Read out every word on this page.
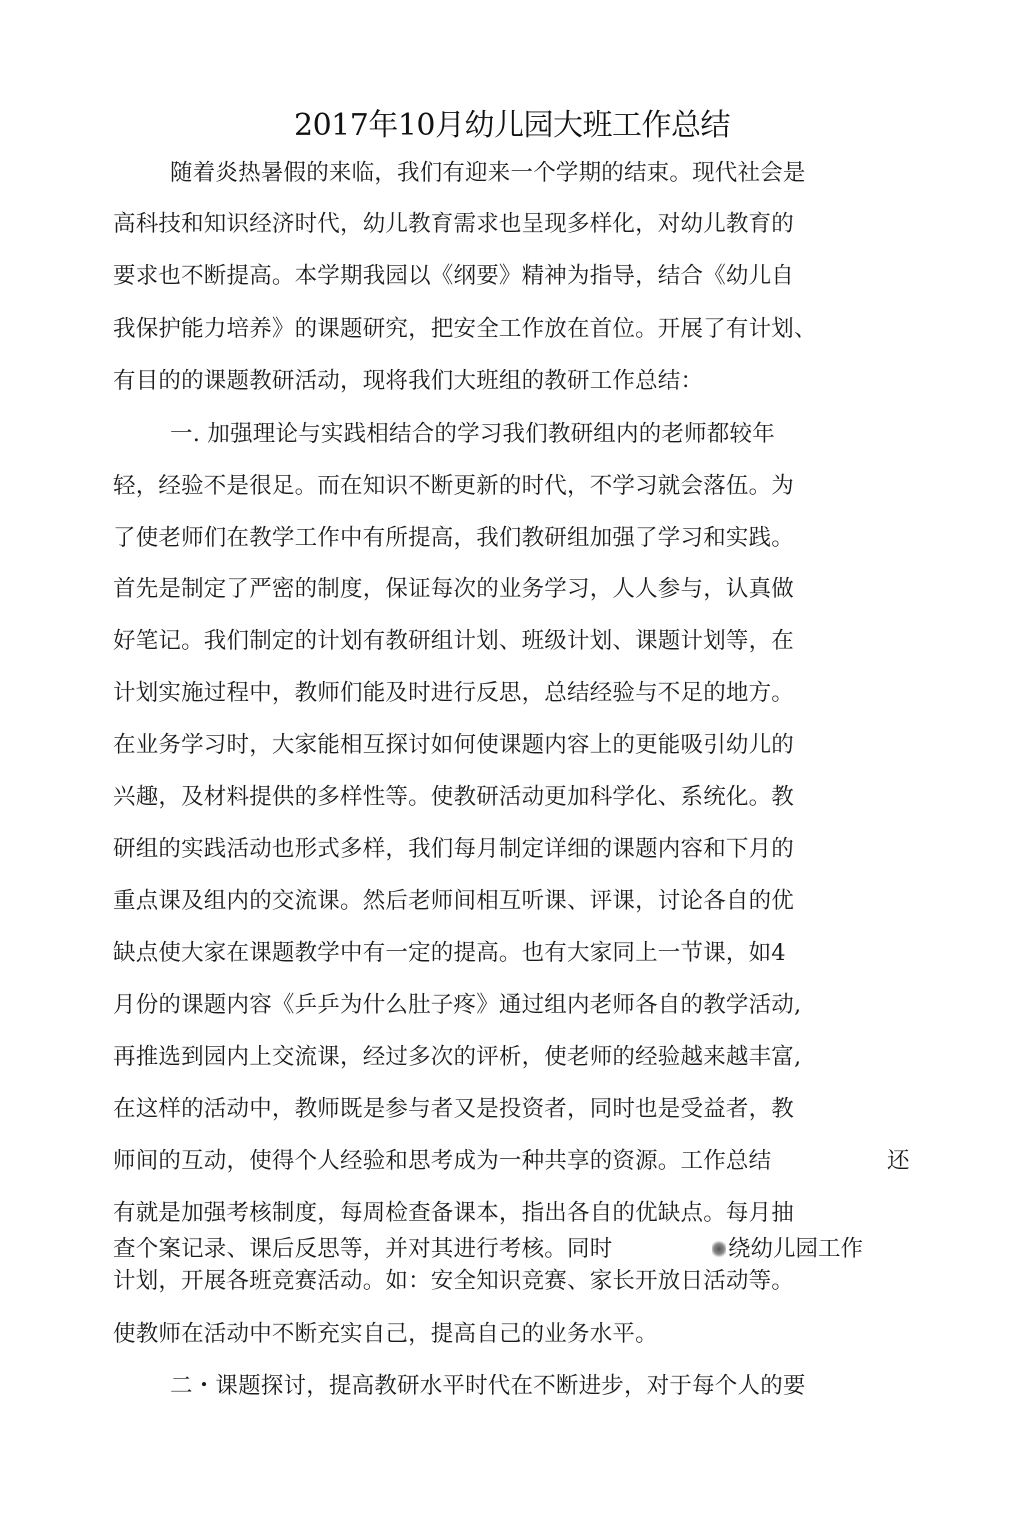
2017年10月幼儿园大班工作总结
随着炎热暑假的来临，我们有迎来一个学期的结束。现代社会是
高科技和知识经济时代，幼儿教育需求也呈现多样化，对幼儿教育的
要求也不断提高。本学期我园以《纲要》精神为指导，结合《幼儿自
我保护能力培养》的课题研究，把安全工作放在首位。开展了有计划、
有目的的课题教研活动，现将我们大班组的教研工作总结：
一. 加强理论与实践相结合的学习我们教研组内的老师都较年
轻，经验不是很足。而在知识不断更新的时代，不学习就会落伍。为
了使老师们在教学工作中有所提高，我们教研组加强了学习和实践。
首先是制定了严密的制度，保证每次的业务学习，人人参与，认真做
好笔记。我们制定的计划有教研组计划、班级计划、课题计划等，在
计划实施过程中，教师们能及时进行反思，总结经验与不足的地方。
在业务学习时，大家能相互探讨如何使课题内容上的更能吸引幼儿的
兴趣，及材料提供的多样性等。使教研活动更加科学化、系统化。教
研组的实践活动也形式多样，我们每月制定详细的课题内容和下月的
重点课及组内的交流课。然后老师间相互听课、评课，讨论各自的优
缺点使大家在课题教学中有一定的提高。也有大家同上一节课，如4
月份的课题内容《乒乒为什么肚子疼》通过组内老师各自的教学活动,
再推选到园内上交流课，经过多次的评析，使老师的经验越来越丰富,
在这样的活动中，教师既是参与者又是投资者，同时也是受益者，教
师间的互动，使得个人经验和思考成为一种共享的资源。工作总结	还
有就是加强考核制度，每周检查备课本，指出各自的优缺点。每月抽
查个案记录、课后反思等，并对其进行考核。同时	绕幼儿园工作
计划，开展各班竞赛活动。如：安全知识竞赛、家长开放日活动等。
使教师在活动中不断充实自己，提高自己的业务水平。
二・课题探讨，提高教研水平时代在不断进步，对于每个人的要
